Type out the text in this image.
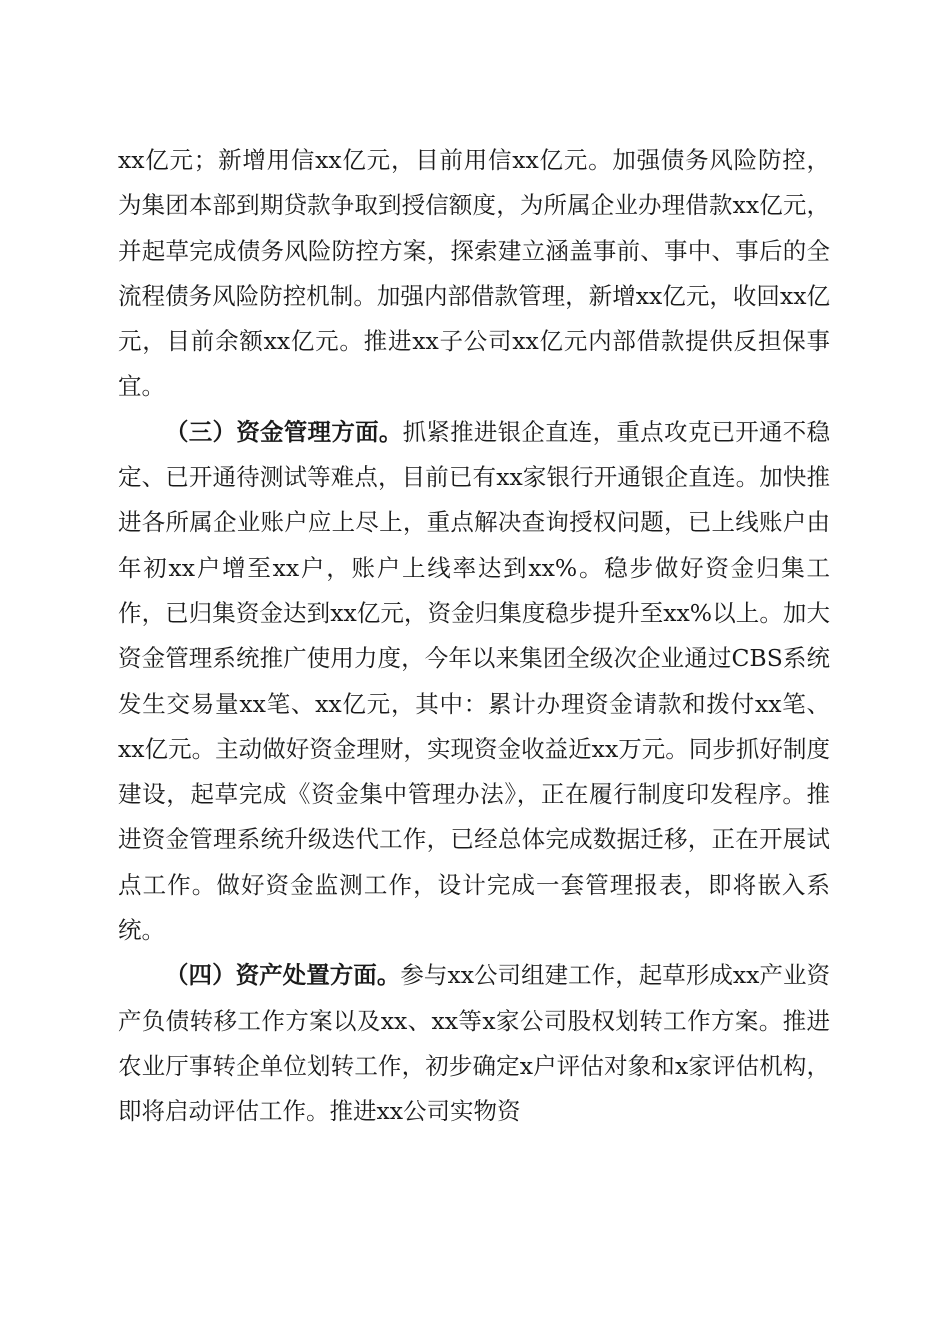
xx亿元；新增用信xx亿元，目前用信xx亿元。加强债务风险防控，为集团本部到期贷款争取到授信额度，为所属企业办理借款xx亿元，并起草完成债务风险防控方案，探索建立涵盖事前、事中、事后的全流程债务风险防控机制。加强内部借款管理，新增xx亿元，收回xx亿元，目前余额xx亿元。推进xx子公司xx亿元内部借款提供反担保事宜。

（三）资金管理方面。抓紧推进银企直连，重点攻克已开通不稳定、已开通待测试等难点，目前已有xx家银行开通银企直连。加快推进各所属企业账户应上尽上，重点解决查询授权问题，已上线账户由年初xx户增至xx户，账户上线率达到xx%。稳步做好资金归集工作，已归集资金达到xx亿元，资金归集度稳步提升至xx%以上。加大资金管理系统推广使用力度，今年以来集团全级次企业通过CBS系统发生交易量xx笔、xx亿元，其中：累计办理资金请款和拨付xx笔、xx亿元。主动做好资金理财，实现资金收益近xx万元。同步抓好制度建设，起草完成《资金集中管理办法》，正在履行制度印发程序。推进资金管理系统升级迭代工作，已经总体完成数据迁移，正在开展试点工作。做好资金监测工作，设计完成一套管理报表，即将嵌入系统。

（四）资产处置方面。参与xx公司组建工作，起草形成xx产业资产负债转移工作方案以及xx、xx等x家公司股权划转工作方案。推进农业厅事转企单位划转工作，初步确定x户评估对象和x家评估机构，即将启动评估工作。推进xx公司实物资
